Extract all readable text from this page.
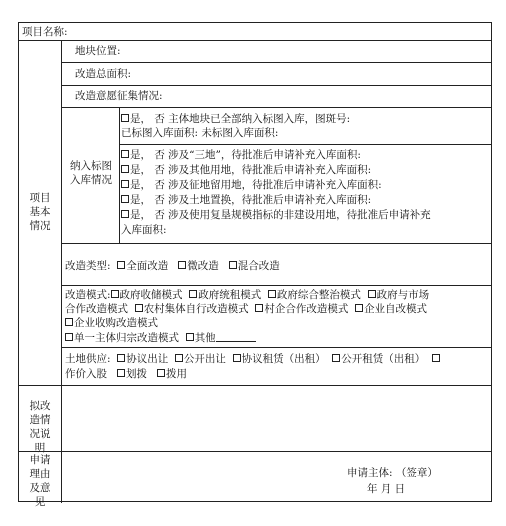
项目名称:
项目基本情况
地块位置:
改造总面积:
改造意愿征集情况:
纳入标图入库情况
是， 否 主体地块已全部纳入标图入库，图斑号:
已标图入库面积: 未标图入库面积:
是， 否 涉及“三地”，待批准后申请补充入库面积:
是， 否 涉及其他用地，待批准后申请补充入库面积:
是， 否 涉及征地留用地，待批准后申请补充入库面积:
是， 否 涉及土地置换，待批准后申请补充入库面积:
是， 否 涉及使用复垦规模指标的非建设用地，待批准后申请补充
入库面积:
改造类型: 全面改造 微改造 混合改造
改造模式: 政府收储模式 政府统租模式 政府综合整治模式 政府与市场
合作改造模式 农村集体自行改造模式 村企合作改造模式 企业自改模式
企业收购改造模式
单一主体归宗改造模式 其他
土地供应: 协议出让 公开出让 协议租赁（出租） 公开租赁（出租）
作价入股 划拨 拨用
拟改造情况说明
申请理由及意见
申请主体: （签章）
年 月 日
